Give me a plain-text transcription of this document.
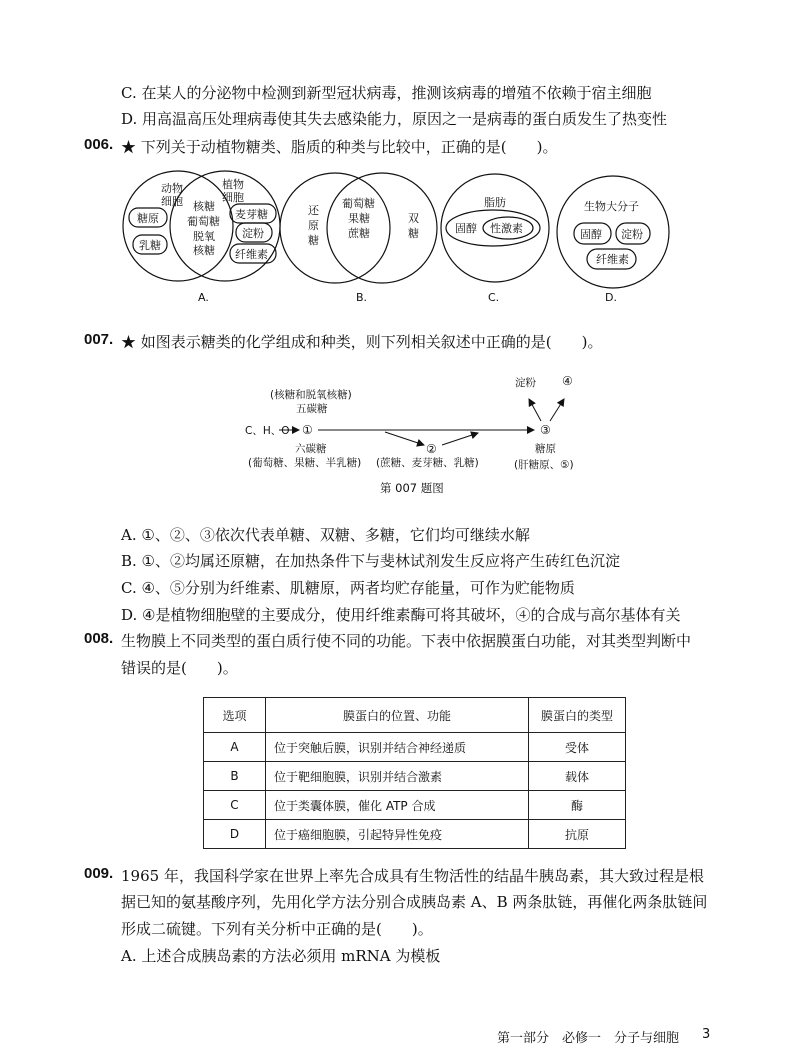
C. 在某人的分泌物中检测到新型冠状病毒，推测该病毒的增殖不依赖于宿主细胞
D. 用高温高压处理病毒使其失去感染能力，原因之一是病毒的蛋白质发生了热变性
006. ★ 下列关于动植物糖类、脂质的种类与比较中，正确的是(　　)。
动物
细胞
植物
细胞
核糖
葡萄糖
脱氧
核糖
糖原
乳糖
麦芽糖
淀粉
纤维素
还
原
糖
葡萄糖
果糖
蔗糖
双
糖
脂肪
固醇 性激素
生物大分子
固醇 淀粉
纤维素
A.	B.	C.	D.
007. ★ 如图表示糖类的化学组成和种类，则下列相关叙述中正确的是(　　)。
(核糖和脱氧核糖)
五碳糖
C、H、O ①
②
③
④
淀粉
六碳糖
(葡萄糖、果糖、半乳糖) (蔗糖、麦芽糖、乳糖)
糖原
(肝糖原、⑤)
第 007 题图
A. ①、②、③依次代表单糖、双糖、多糖，它们均可继续水解
B. ①、②均属还原糖，在加热条件下与斐林试剂发生反应将产生砖红色沉淀
C. ④、⑤分别为纤维素、肌糖原，两者均贮存能量，可作为贮能物质
D. ④是植物细胞壁的主要成分，使用纤维素酶可将其破坏，④的合成与高尔基体有关
008. 生物膜上不同类型的蛋白质行使不同的功能。下表中依据膜蛋白功能，对其类型判断中
错误的是(　　)。
选项	膜蛋白的位置、功能	膜蛋白的类型
A	位于突触后膜，识别并结合神经递质	受体
B	位于靶细胞膜，识别并结合激素	载体
C	位于类囊体膜，催化 ATP 合成	酶
D	位于癌细胞膜，引起特异性免疫	抗原
009. 1965 年，我国科学家在世界上率先合成具有生物活性的结晶牛胰岛素，其大致过程是根
据已知的氨基酸序列，先用化学方法分别合成胰岛素 A、B 两条肽链，再催化两条肽链间
形成二硫键。下列有关分析中正确的是(　　)。
A. 上述合成胰岛素的方法必须用 mRNA 为模板
第一部分　必修一　分子与细胞 3
